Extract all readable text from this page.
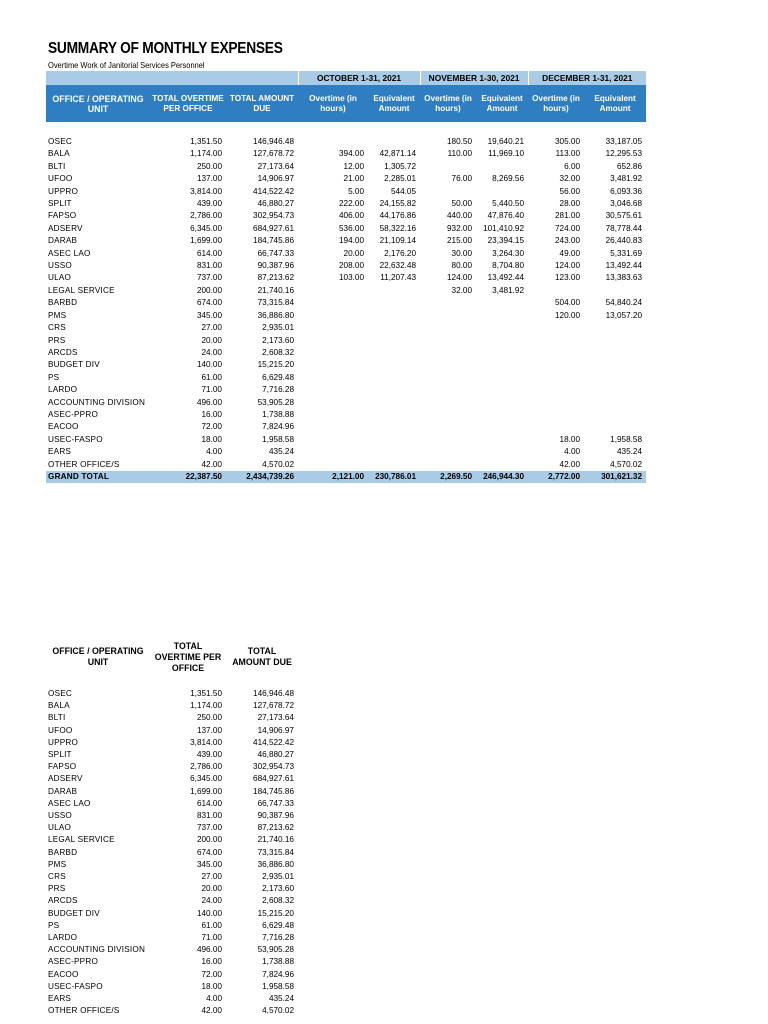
SUMMARY OF MONTHLY EXPENSES
Overtime Work of Janitorial Services Personnel
			OCTOBER 1-31, 2021		NOVEMBER 1-30, 2021		DECEMBER 1-31, 2021	
OFFICE / OPERATING UNIT	TOTAL OVERTIME PER OFFICE	TOTAL AMOUNT DUE	Overtime (in hours)	Equivalent Amount	Overtime (in hours)	Equivalent Amount	Overtime (in hours)	Equivalent Amount

OSEC	1,351.50	146,946.48			180.50	19,640.21	305.00	33,187.05
BALA	1,174.00	127,678.72	394.00	42,871.14	110.00	11,969.10	113.00	12,295.53
BLTI	250.00	27,173.64	12.00	1,305.72			6.00	652.86
UFOO	137.00	14,906.97	21.00	2,285.01	76.00	8,269.56	32.00	3,481.92
UPPRO	3,814.00	414,522.42	5.00	544.05			56.00	6,093.36
SPLIT	439.00	46,880.27	222.00	24,155.82	50.00	5,440.50	28.00	3,046.68
FAPSO	2,786.00	302,954.73	406.00	44,176.86	440.00	47,876.40	281.00	30,575.61
ADSERV	6,345.00	684,927.61	536.00	58,322.16	932.00	101,410.92	724.00	78,778.44
DARAB	1,699.00	184,745.86	194.00	21,109.14	215.00	23,394.15	243.00	26,440.83
ASEC LAO	614.00	66,747.33	20.00	2,176.20	30.00	3,264.30	49.00	5,331.69
USSO	831.00	90,387.96	208.00	22,632.48	80.00	8,704.80	124.00	13,492.44
ULAO	737.00	87,213.62	103.00	11,207.43	124.00	13,492.44	123.00	13,383.63
LEGAL SERVICE	200.00	21,740.16			32.00	3,481.92		
BARBD	674.00	73,315.84					504.00	54,840.24
PMS	345.00	36,886.80					120.00	13,057.20
CRS	27.00	2,935.01						
PRS	20.00	2,173.60						
ARCDS	24.00	2,608.32						
BUDGET DIV	140.00	15,215.20						
PS	61.00	6,629.48						
LARDO	71.00	7,716.28						
ACCOUNTING DIVISION	496.00	53,905.28						
ASEC-PPRO	16.00	1,738.88						
EACOO	72.00	7,824.96						
USEC-FASPO	18.00	1,958.58					18.00	1,958.58
EARS	4.00	435.24					4.00	435.24
OTHER OFFICE/S	42.00	4,570.02					42.00	4,570.02
GRAND TOTAL	22,387.50	2,434,739.26	2,121.00	230,786.01	2,269.50	246,944.30	2,772.00	301,621.32
OFFICE / OPERATING UNIT	TOTAL OVERTIME PER OFFICE	TOTAL AMOUNT DUE

OSEC	1,351.50	146,946.48
BALA	1,174.00	127,678.72
BLTI	250.00	27,173.64
UFOO	137.00	14,906.97
UPPRO	3,814.00	414,522.42
SPLIT	439.00	46,880.27
FAPSO	2,786.00	302,954.73
ADSERV	6,345.00	684,927.61
DARAB	1,699.00	184,745.86
ASEC LAO	614.00	66,747.33
USSO	831.00	90,387.96
ULAO	737.00	87,213.62
LEGAL SERVICE	200.00	21,740.16
BARBD	674.00	73,315.84
PMS	345.00	36,886.80
CRS	27.00	2,935.01
PRS	20.00	2,173.60
ARCDS	24.00	2,608.32
BUDGET DIV	140.00	15,215.20
PS	61.00	6,629.48
LARDO	71.00	7,716.28
ACCOUNTING DIVISION	496.00	53,905.28
ASEC-PPRO	16.00	1,738.88
EACOO	72.00	7,824.96
USEC-FASPO	18.00	1,958.58
EARS	4.00	435.24
OTHER OFFICE/S	42.00	4,570.02
